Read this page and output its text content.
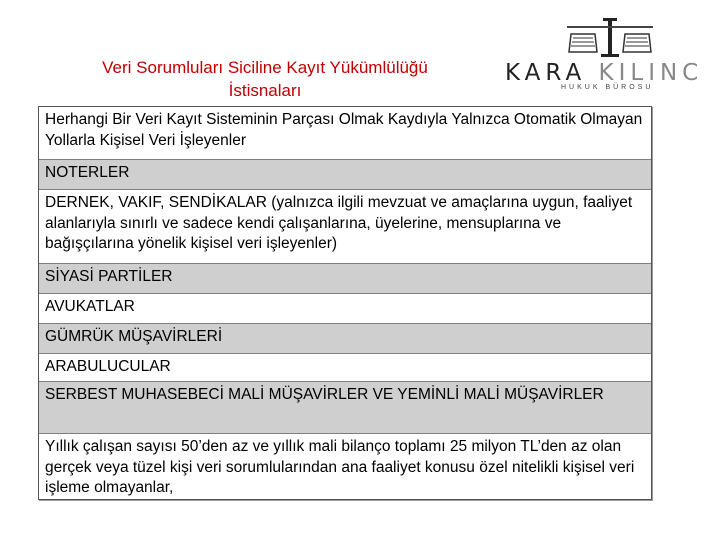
Veri Sorumluları Siciline Kayıt Yükümlülüğü
İstisnaları
KARA KILINC
HUKUK BÜROSU
Herhangi Bir Veri Kayıt Sisteminin Parçası Olmak Kaydıyla Yalnızca Otomatik Olmayan Yollarla Kişisel Veri İşleyenler
NOTERLER
DERNEK, VAKIF, SENDİKALAR (yalnızca ilgili mevzuat ve amaçlarına uygun, faaliyet alanlarıyla sınırlı ve sadece kendi çalışanlarına, üyelerine, mensuplarına ve bağışçılarına yönelik kişisel veri işleyenler)
SİYASİ PARTİLER
AVUKATLAR
GÜMRÜK MÜŞAVİRLERİ
ARABULUCULAR
SERBEST MUHASEBECİ MALİ MÜŞAVİRLER VE YEMİNLİ MALİ MÜŞAVİRLER
Yıllık çalışan sayısı 50’den az ve yıllık mali bilanço toplamı 25 milyon TL’den az olan gerçek veya tüzel kişi veri sorumlularından ana faaliyet konusu özel nitelikli kişisel veri işleme olmayanlar,
